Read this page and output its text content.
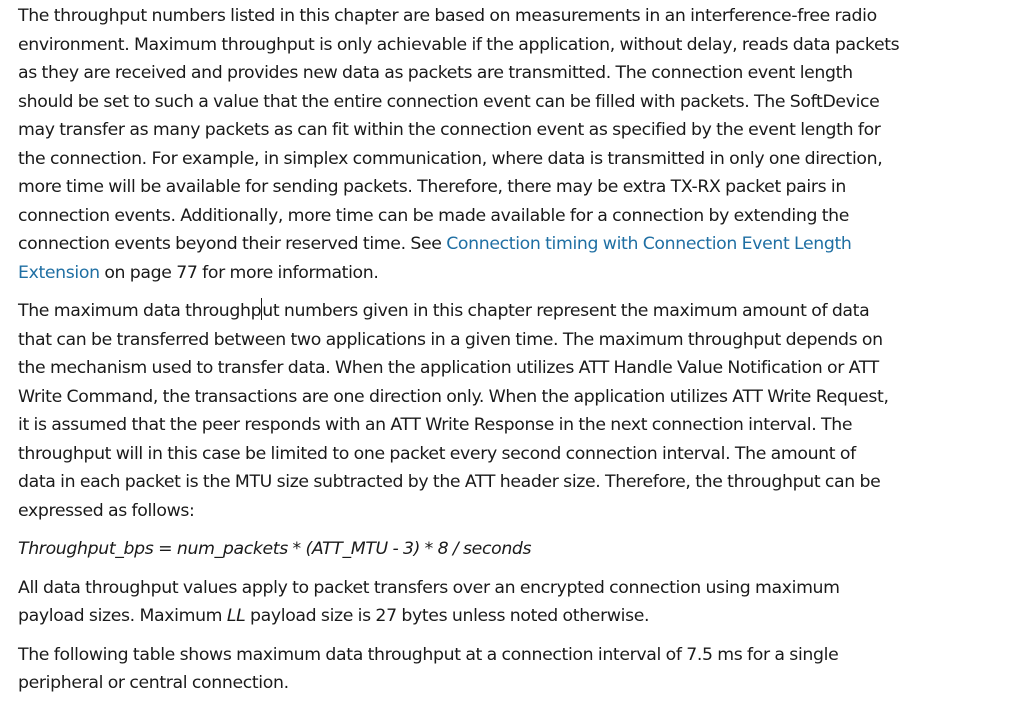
The throughput numbers listed in this chapter are based on measurements in an interference-free radio
environment. Maximum throughput is only achievable if the application, without delay, reads data packets
as they are received and provides new data as packets are transmitted. The connection event length
should be set to such a value that the entire connection event can be filled with packets. The SoftDevice
may transfer as many packets as can fit within the connection event as specified by the event length for
the connection. For example, in simplex communication, where data is transmitted in only one direction,
more time will be available for sending packets. Therefore, there may be extra TX-RX packet pairs in
connection events. Additionally, more time can be made available for a connection by extending the
connection events beyond their reserved time. See Connection timing with Connection Event Length
Extension on page 77 for more information.
The maximum data throughput numbers given in this chapter represent the maximum amount of data
that can be transferred between two applications in a given time. The maximum throughput depends on
the mechanism used to transfer data. When the application utilizes ATT Handle Value Notification or ATT
Write Command, the transactions are one direction only. When the application utilizes ATT Write Request,
it is assumed that the peer responds with an ATT Write Response in the next connection interval. The
throughput will in this case be limited to one packet every second connection interval. The amount of
data in each packet is the MTU size subtracted by the ATT header size. Therefore, the throughput can be
expressed as follows:
Throughput_bps = num_packets * (ATT_MTU - 3) * 8 / seconds
All data throughput values apply to packet transfers over an encrypted connection using maximum
payload sizes. Maximum LL payload size is 27 bytes unless noted otherwise.
The following table shows maximum data throughput at a connection interval of 7.5 ms for a single
peripheral or central connection.
